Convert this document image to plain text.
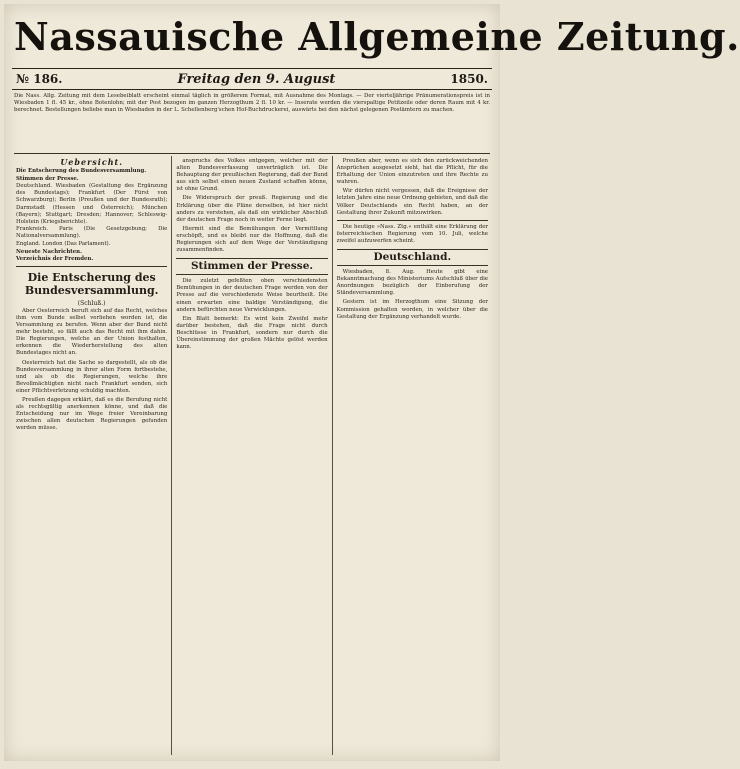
Nassauische Allgemeine Zeitung.
№ 186.	Freitag den 9. August	1850.
Die Nass. Allg. Zeitung mit dem Lesebeiblatt erscheint einmal täglich in größerem Format, mit Ausnahme des Montags. — Der vierteljährige Pränumerationspreis ist in Wiesbaden 1 fl. 45 kr., ohne Botenlohn; mit der Post bezogen im ganzen Herzogthum 2 fl. 10 kr. — Inserate werden die vierspaltige Petitzeile oder deren Raum mit 4 kr. berechnet. Bestellungen beliebe man in Wiesbaden in der L. Schellenberg'schen Hof-Buchdruckerei, auswärts bei den nächst gelegenen Postämtern zu machen.
Uebersicht.

Die Entscherung des Bundesversammlung.

Stimmen der Presse.

Deutschland. Wiesbaden (Gestaltung des Ergänzung des Bundestags); Frankfurt (Der Fürst von Schwarzburg); Berlin (Preußen und der Bundesrath); Darmstadt (Hessen und Österreich); München (Bayern); Stuttgart; Dresden; Hannover; Schleswig-Holstein (Kriegsberichte).

Frankreich. Paris (Die Gesetzgebung; Die Nationalversammlung).

England. London (Das Parlament).

Neueste Nachrichten.

Verzeichnis der Fremden.

Die Entscherung des Bundesversammlung.
(Schluß.)

Aber Oesterreich beruft sich auf das Recht, welches ihm vom Bunde selbst verliehen worden ist, die Versammlung zu berufen. Wenn aber der Bund nicht mehr besteht, so fällt auch das Recht mit ihm dahin. Die Regierungen, welche an der Union festhalten, erkennen die Wiederherstellung des alten Bundestages nicht an.

Oesterreich hat die Sache so dargestellt, als ob die Bundesversammlung in ihrer alten Form fortbestehe, und als ob die Regierungen, welche ihre Bevollmächtigten nicht nach Frankfurt senden, sich einer Pflichtverletzung schuldig machten.

Preußen dagegen erklärt, daß es die Berufung nicht als rechtsgültig anerkennen könne, und daß die Entscheidung nur im Wege freier Vereinbarung zwischen allen deutschen Regierungen gefunden werden müsse.

anspruchs des Volkes entgegen, welcher mit der alten Bundesverfassung unverträglich ist. Die Behauptung der preußischen Regierung, daß der Bund aus sich selbst einen neuen Zustand schaffen könne, ist ohne Grund.

Die Widerspruch der preuß. Regierung und die Erklärung über die Pläne derselben, ist hier nicht anders zu verstehen, als daß ein wirklicher Abschluß der deutschen Frage noch in weiter Ferne liegt.

Hiermit sind die Bemühungen der Vermittlung erschöpft, und es bleibt nur die Hoffnung, daß die Regierungen sich auf dem Wege der Verständigung zusammenfinden.

Stimmen der Presse.

Die zuletzt gefeßten oben verschiedensten Bemühungen in der deutschen Frage werden von der Presse auf die verschiedenste Weise beurtheilt. Die einen erwarten eine baldige Verständigung, die andern befürchten neue Verwicklungen.

Ein Blatt bemerkt: Es wird kein Zweifel mehr darüber bestehen, daß die Frage nicht durch Beschlüsse in Frankfurt, sondern nur durch die Übereinstimmung der großen Mächte gelöst werden kann.

Preußen aber, wenn es sich den zurückweichenden Ansprüchen ausgesetzt sieht, hat die Pflicht, für die Erhaltung der Union einzutreten und ihre Rechte zu wahren.

Wir dürfen nicht vergessen, daß die Ereignisse der letzten Jahre eine neue Ordnung gebieten, und daß die Völker Deutschlands ein Recht haben, an der Gestaltung ihrer Zukunft mitzuwirken.

Die heutige »Nass. Ztg.« enthält eine Erklärung der österreichischen Regierung vom 10. Juli, welche zweifel aufzuwerfen scheint.

Deutschland.

Wiesbaden, 8. Aug. Heute gibt eine Bekanntmachung des Ministeriums Aufschluß über die Anordnungen bezüglich der Einberufung der Ständeversammlung.

Gestern ist im Herzogthum eine Sitzung der Kommission gehalten worden, in welcher über die Gestaltung der Ergänzung verhandelt wurde.
